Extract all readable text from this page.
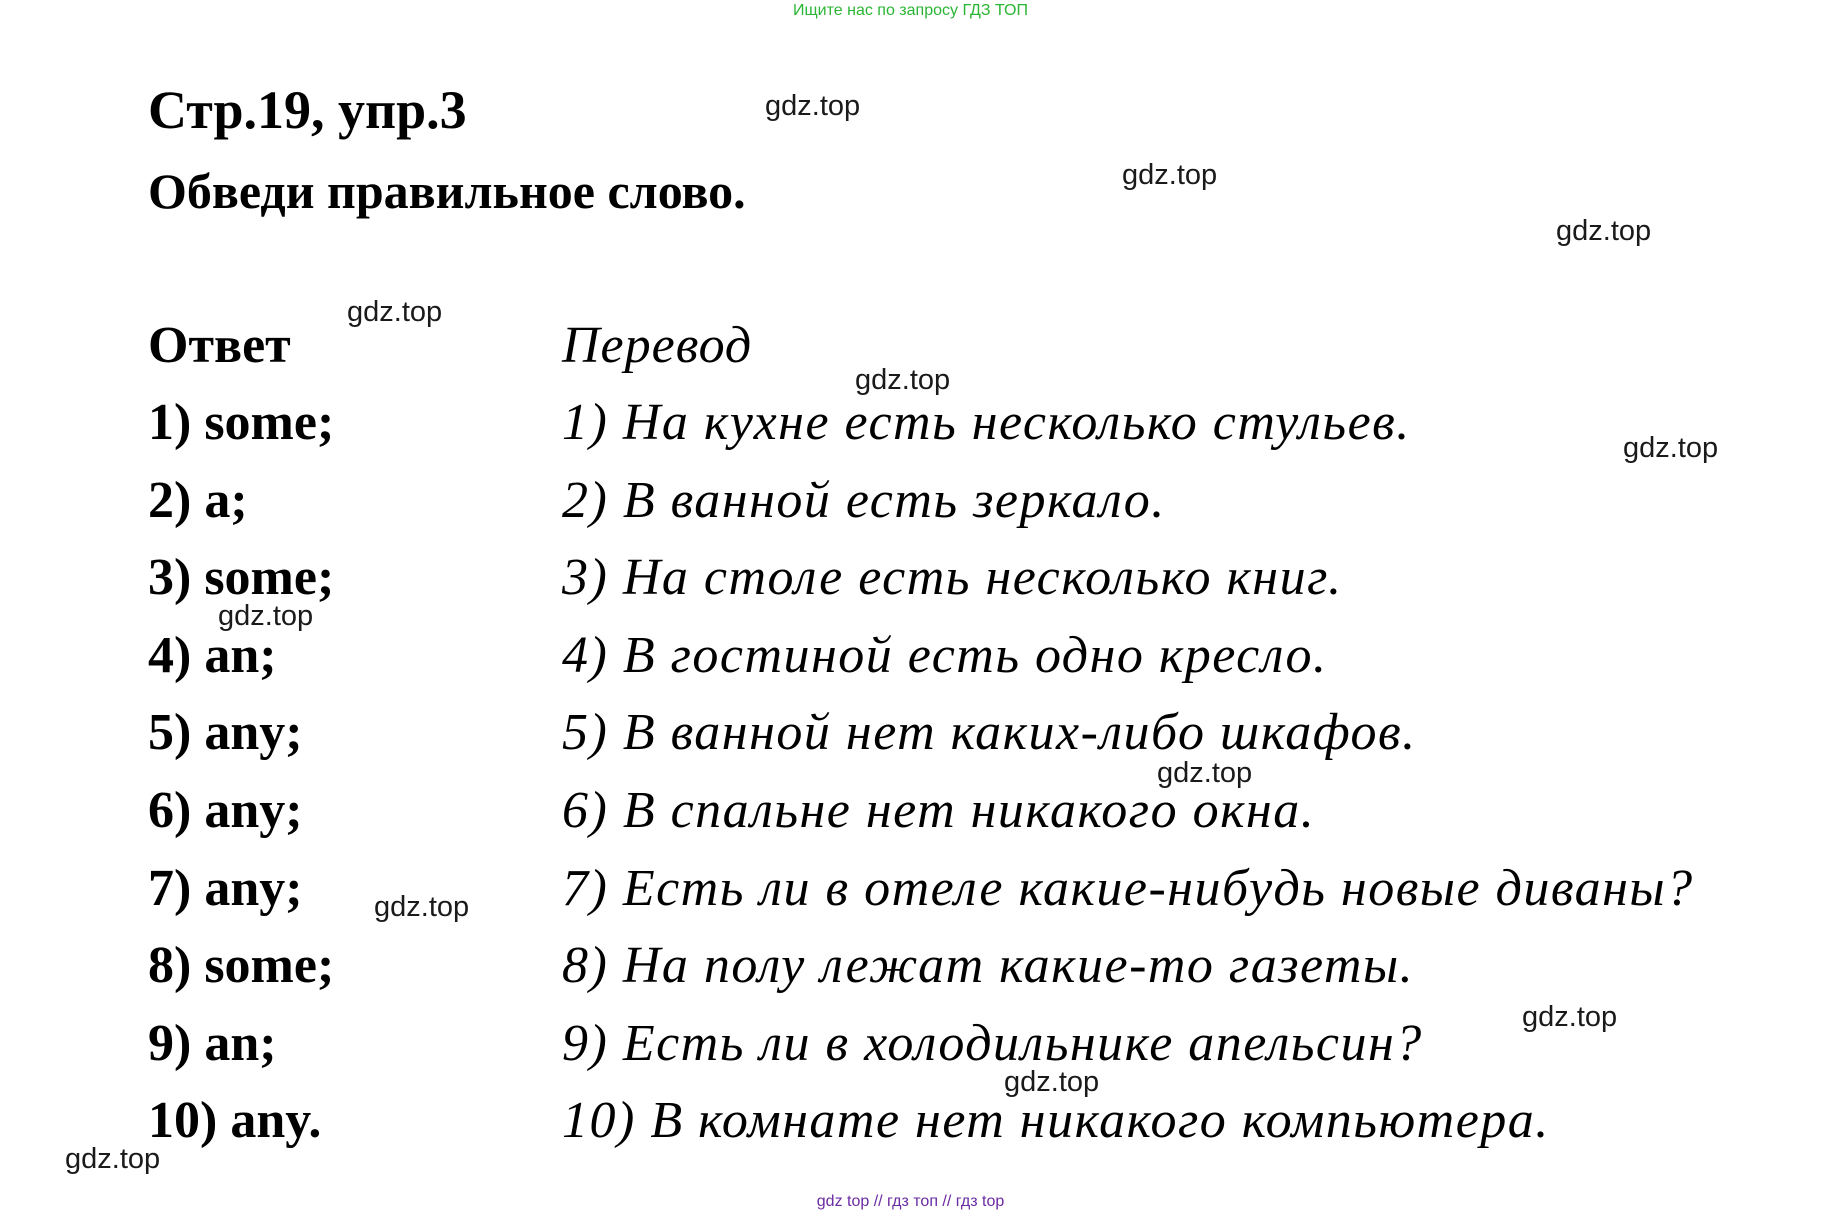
Ищите нас по запросу ГДЗ ТОП
Стр.19, упр.3
Обведи правильное слово.
Ответ	Перевод
1) some;
2) a;
3) some;
4) an;
5) any;
6) any;
7) any;
8) some;
9) an;
10) any.
1) На кухне есть несколько стульев.
2) В ванной есть зеркало.
3) На столе есть несколько книг.
4) В гостиной есть одно кресло.
5) В ванной нет каких-либо шкафов.
6) В спальне нет никакого окна.
7) Есть ли в отеле какие-нибудь новые диваны?
8) На полу лежат какие-то газеты.
9) Есть ли в холодильнике апельсин?
10) В комнате нет никакого компьютера.
gdz.top
gdz.top
gdz.top
gdz.top
gdz.top
gdz.top
gdz.top
gdz.top
gdz.top
gdz.top
gdz.top
gdz.top
gdz top // гдз топ // гдз top
